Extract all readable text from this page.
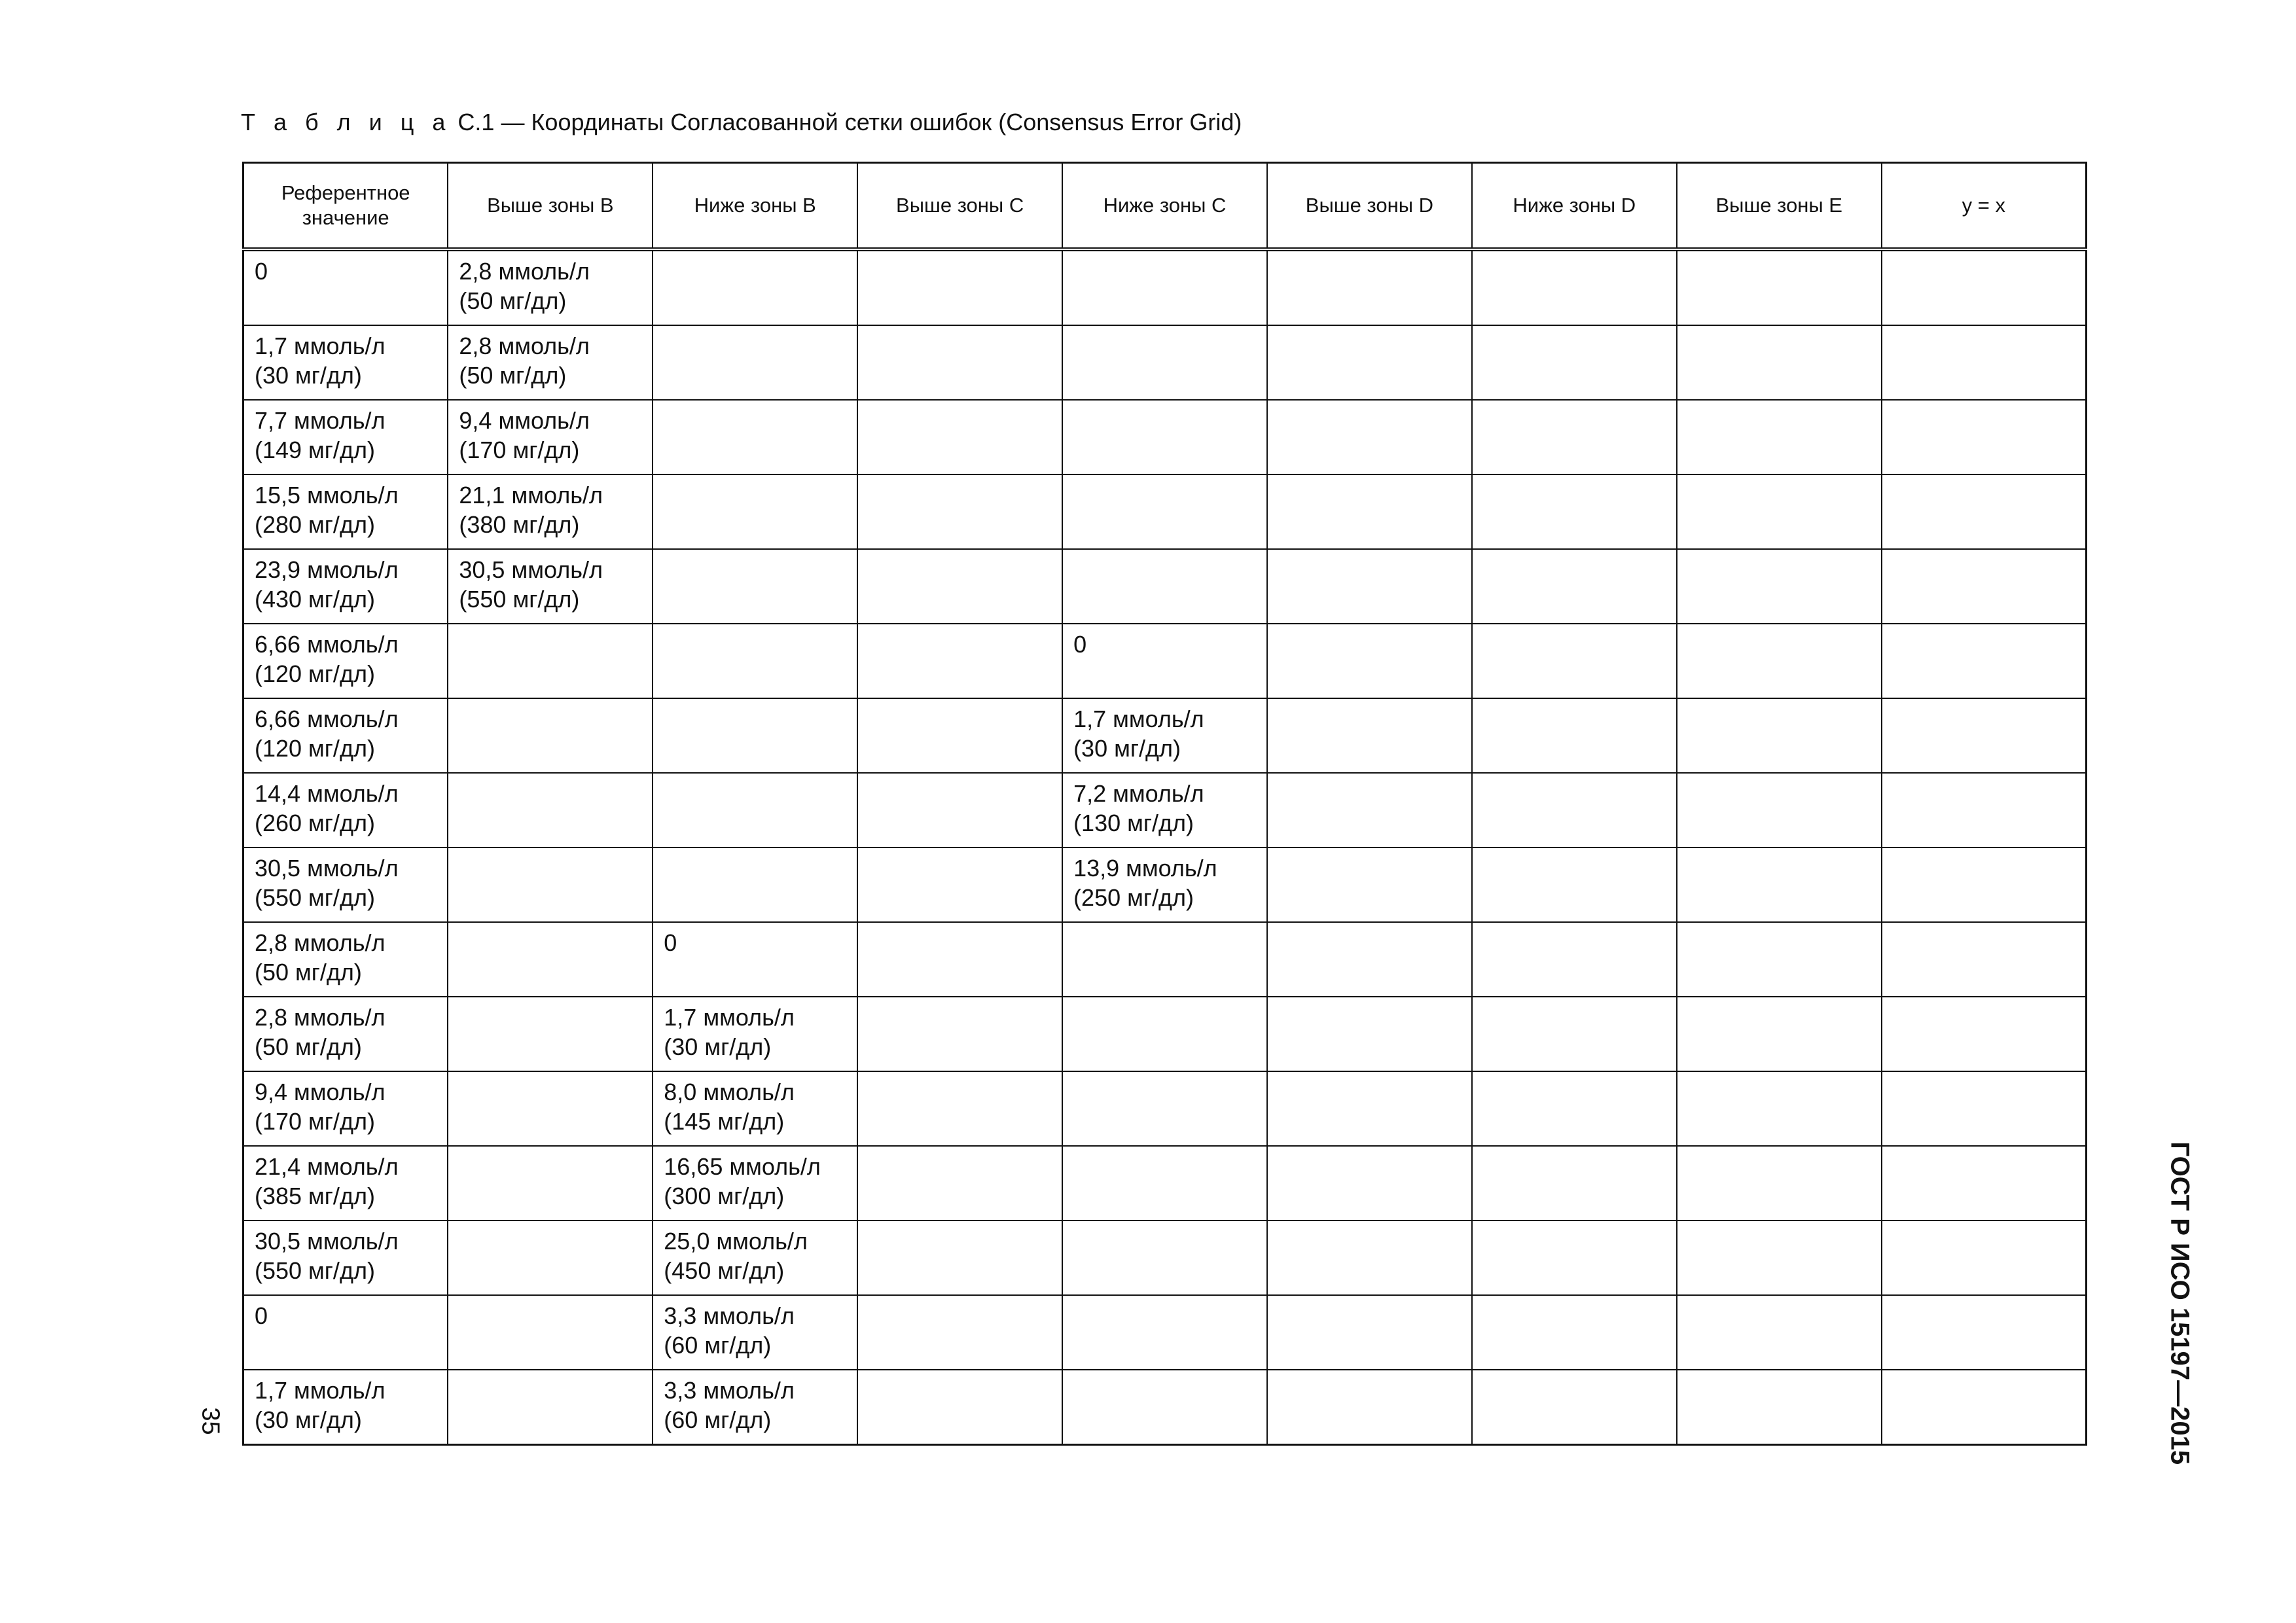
Т а б л и ц а С.1 — Координаты Согласованной сетки ошибок (Consensus Error Grid)
Референтное значение	Выше зоны B	Ниже зоны B	Выше зоны C	Ниже зоны C	Выше зоны D	Ниже зоны D	Выше зоны E	y = x

0	2,8 ммоль/л
(50 мг/дл)							

1,7 ммоль/л
(30 мг/дл)	2,8 ммоль/л
(50 мг/дл)							

7,7 ммоль/л
(149 мг/дл)	9,4 ммоль/л
(170 мг/дл)							

15,5 ммоль/л
(280 мг/дл)	21,1 ммоль/л
(380 мг/дл)							

23,9 ммоль/л
(430 мг/дл)	30,5 ммоль/л
(550 мг/дл)							

6,66 ммоль/л
(120 мг/дл)				0				

6,66 ммоль/л
(120 мг/дл)				1,7 ммоль/л
(30 мг/дл)				

14,4 ммоль/л
(260 мг/дл)				7,2 ммоль/л
(130 мг/дл)				

30,5 ммоль/л
(550 мг/дл)				13,9 ммоль/л
(250 мг/дл)				

2,8 ммоль/л
(50 мг/дл)		0						

2,8 ммоль/л
(50 мг/дл)		1,7 ммоль/л
(30 мг/дл)						

9,4 ммоль/л
(170 мг/дл)		8,0 ммоль/л
(145 мг/дл)						

21,4 ммоль/л
(385 мг/дл)		16,65 ммоль/л
(300 мг/дл)						

30,5 ммоль/л
(550 мг/дл)		25,0 ммоль/л
(450 мг/дл)						

0		3,3 ммоль/л
(60 мг/дл)						

1,7 ммоль/л
(30 мг/дл)		3,3 ммоль/л
(60 мг/дл)						

35	ГОСТ Р ИСО 15197—2015
